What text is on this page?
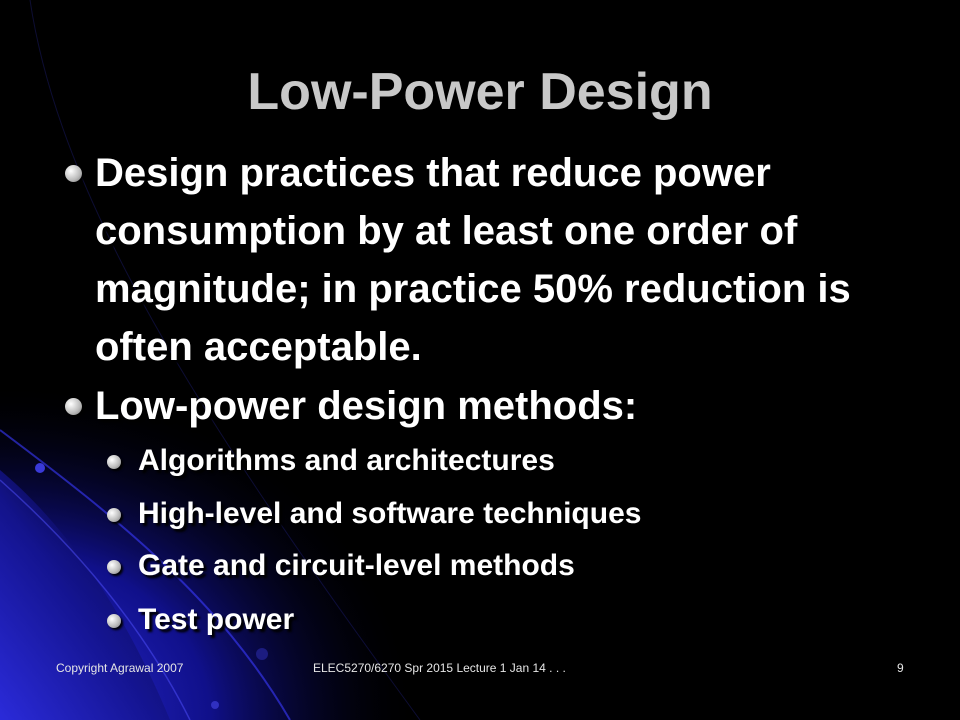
Low-Power Design
Design practices that reduce power consumption by at least one order of magnitude; in practice 50% reduction is often acceptable.
Low-power design methods:
Algorithms and architectures
High-level and software techniques
Gate and circuit-level methods
Test power
Copyright Agrawal 2007	ELEC5270/6270 Spr 2015 Lecture 1 Jan 14 . . .	9
